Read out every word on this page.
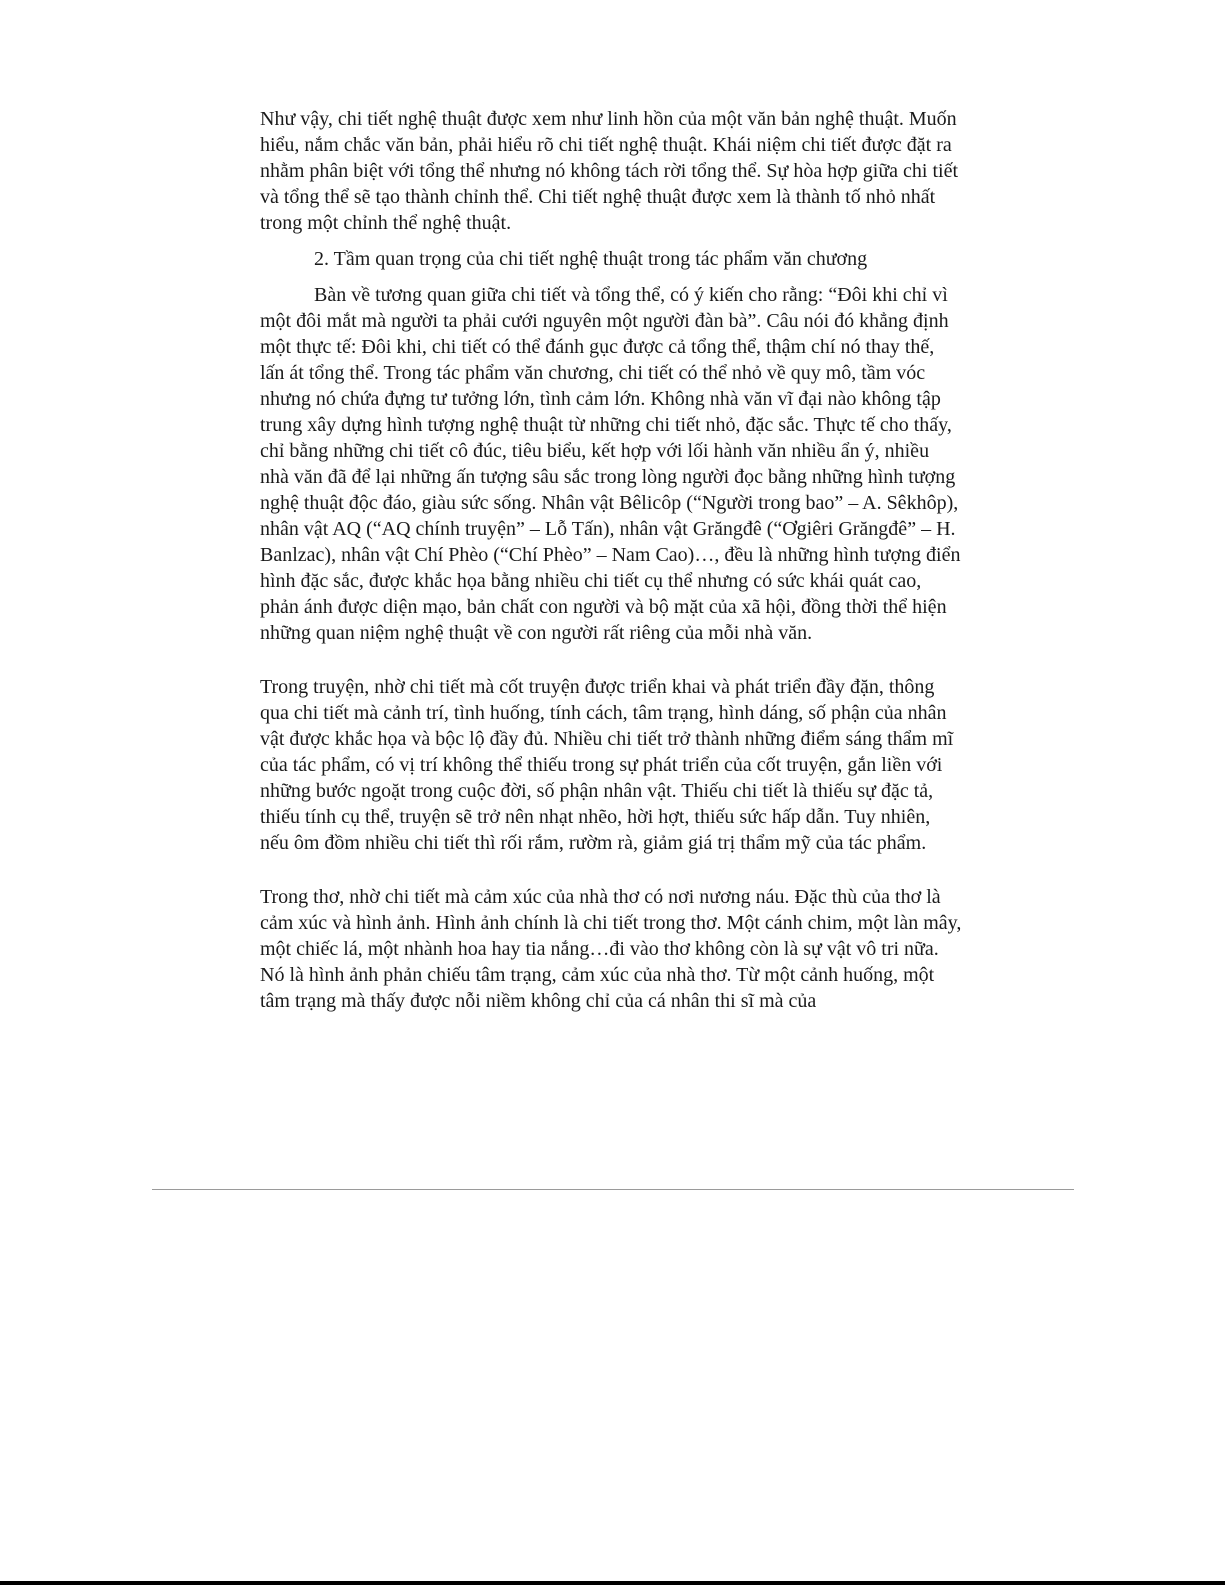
Như vậy, chi tiết nghệ thuật được xem như linh hồn của một văn bản nghệ thuật. Muốn hiểu, nắm chắc văn bản, phải hiểu rõ chi tiết nghệ thuật. Khái niệm chi tiết được đặt ra nhằm phân biệt với tổng thể nhưng nó không tách rời tổng thể. Sự hòa hợp giữa chi tiết và tổng thể sẽ tạo thành chỉnh thể. Chi tiết nghệ thuật được xem là thành tố nhỏ nhất trong một chỉnh thể nghệ thuật.

2. Tầm quan trọng của chi tiết nghệ thuật trong tác phẩm văn chương

Bàn về tương quan giữa chi tiết và tổng thể, có ý kiến cho rằng: “Đôi khi chỉ vì một đôi mắt mà người ta phải cưới nguyên một người đàn bà”. Câu nói đó khẳng định một thực tế: Đôi khi, chi tiết có thể đánh gục được cả tổng thể, thậm chí nó thay thế, lấn át tổng thể. Trong tác phẩm văn chương, chi tiết có thể nhỏ về quy mô, tầm vóc nhưng nó chứa đựng tư tưởng lớn, tình cảm lớn. Không nhà văn vĩ đại nào không tập trung xây dựng hình tượng nghệ thuật từ những chi tiết nhỏ, đặc sắc. Thực tế cho thấy, chỉ bằng những chi tiết cô đúc, tiêu biểu, kết hợp với lối hành văn nhiều ẩn ý, nhiều nhà văn đã để lại những ấn tượng sâu sắc trong lòng người đọc bằng những hình tượng nghệ thuật độc đáo, giàu sức sống. Nhân vật Bêlicôp (“Người trong bao” – A. Sêkhôp), nhân vật AQ (“AQ chính truyện” – Lỗ Tấn), nhân vật Grăngđê (“Ơgiêri Grăngđê” – H. Banlzac), nhân vật Chí Phèo (“Chí Phèo” – Nam Cao)…, đều là những hình tượng điển hình đặc sắc, được khắc họa bằng nhiều chi tiết cụ thể nhưng có sức khái quát cao, phản ánh được diện mạo, bản chất con người và bộ mặt của xã hội, đồng thời thể hiện những quan niệm nghệ thuật về con người rất riêng của mỗi nhà văn.

Trong truyện, nhờ chi tiết mà cốt truyện được triển khai và phát triển đầy đặn, thông qua chi tiết mà cảnh trí, tình huống, tính cách, tâm trạng, hình dáng, số phận của nhân vật được khắc họa và bộc lộ đầy đủ. Nhiều chi tiết trở thành những điểm sáng thẩm mĩ của tác phẩm, có vị trí không thể thiếu trong sự phát triển của cốt truyện, gắn liền với những bước ngoặt trong cuộc đời, số phận nhân vật. Thiếu chi tiết là thiếu sự đặc tả, thiếu tính cụ thể, truyện sẽ trở nên nhạt nhẽo, hời hợt, thiếu sức hấp dẫn. Tuy nhiên, nếu ôm đồm nhiều chi tiết thì rối rắm, rườm rà, giảm giá trị thẩm mỹ của tác phẩm.

Trong thơ, nhờ chi tiết mà cảm xúc của nhà thơ có nơi nương náu. Đặc thù của thơ là cảm xúc và hình ảnh. Hình ảnh chính là chi tiết trong thơ. Một cánh chim, một làn mây, một chiếc lá, một nhành hoa hay tia nắng…đi vào thơ không còn là sự vật vô tri nữa. Nó là hình ảnh phản chiếu tâm trạng, cảm xúc của nhà thơ. Từ một cảnh huống, một tâm trạng mà thấy được nỗi niềm không chỉ của cá nhân thi sĩ mà của
